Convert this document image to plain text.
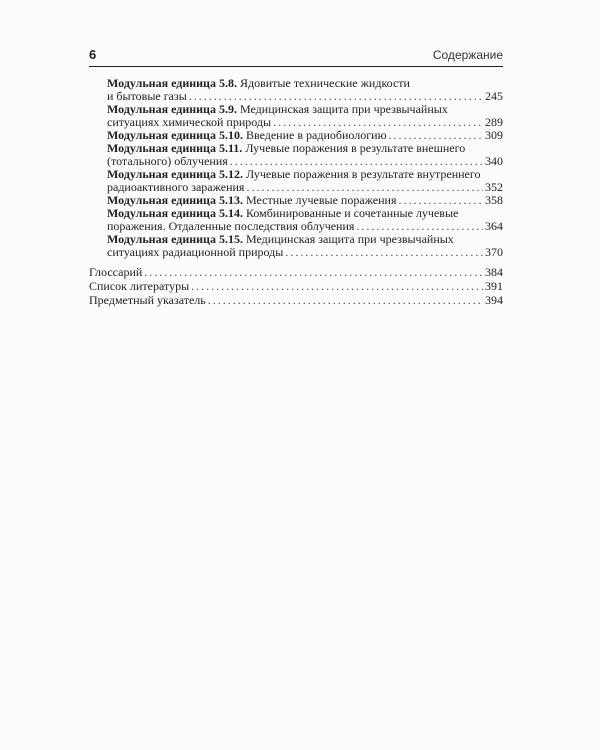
6	Содержание
Модульная единица 5.8. Ядовитые технические жидкости
и бытовые газы .....	245
Модульная единица 5.9. Медицинская защита при чрезвычайных
ситуациях химической природы .....	289
Модульная единица 5.10. Введение в радиобиологию .....	309
Модульная единица 5.11. Лучевые поражения в результате внешнего
(тотального) облучения .....	340
Модульная единица 5.12. Лучевые поражения в результате внутреннего
радиоактивного заражения .....	352
Модульная единица 5.13. Местные лучевые поражения .....	358
Модульная единица 5.14. Комбинированные и сочетанные лучевые
поражения. Отдаленные последствия облучения .....	364
Модульная единица 5.15. Медицинская защита при чрезвычайных
ситуациях радиационной природы .....	370
Глоссарий .....	384
Список литературы .....	391
Предметный указатель .....	394
